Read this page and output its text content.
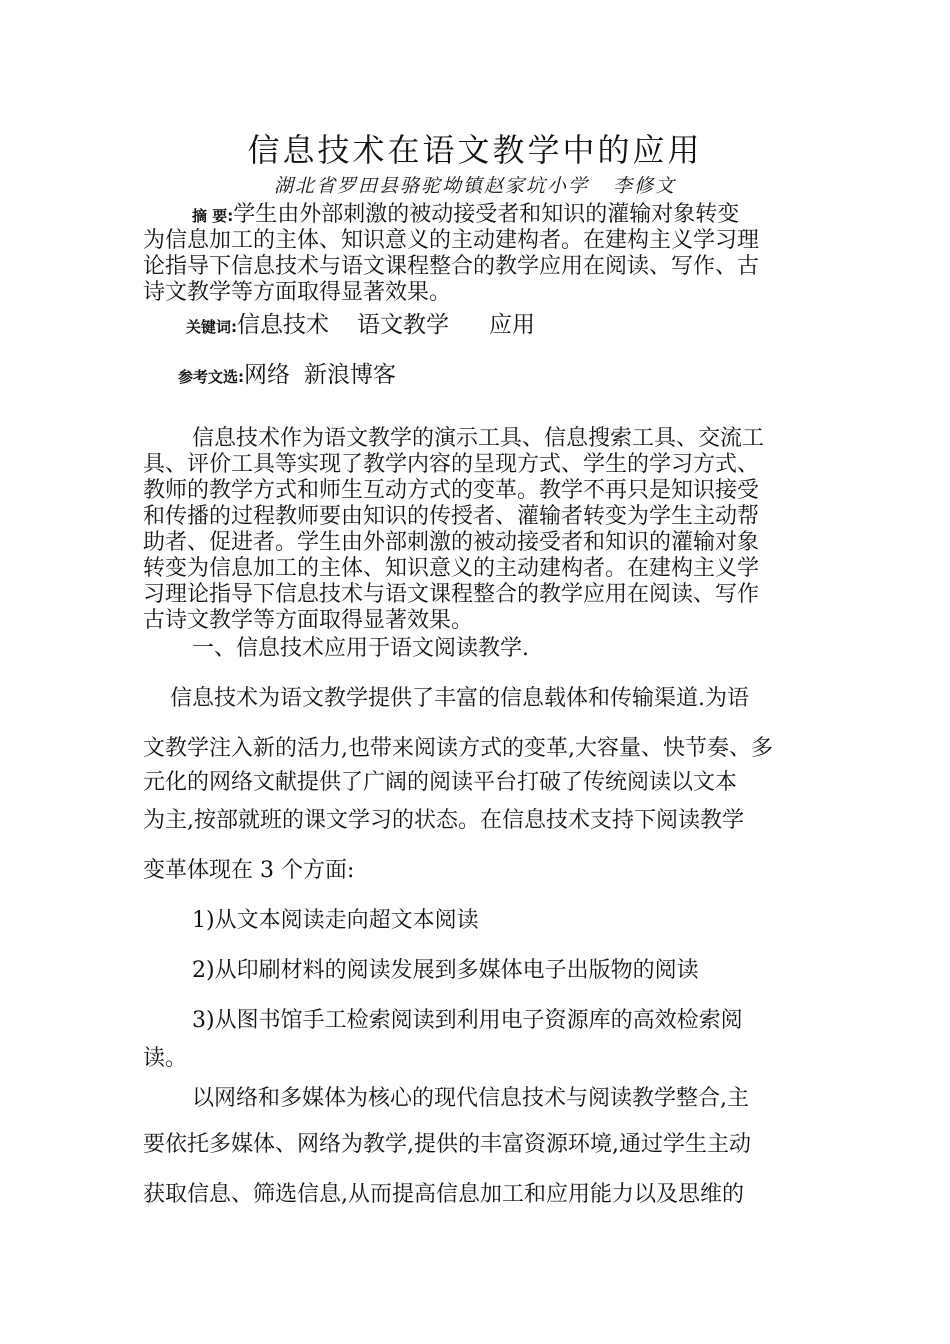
信息技术在语文教学中的应用
湖北省罗田县骆驼坳镇赵家坑小学 李修文
摘 要:学生由外部刺激的被动接受者和知识的灌输对象转变
为信息加工的主体、知识意义的主动建构者。在建构主义学习理
论指导下信息技术与语文课程整合的教学应用在阅读、写作、古
诗文教学等方面取得显著效果。
关键词:信息技术 语文教学 应用
参考文选:网络 新浪博客
信息技术作为语文教学的演示工具、信息搜索工具、交流工
具、评价工具等实现了教学内容的呈现方式、学生的学习方式、
教师的教学方式和师生互动方式的变革。教学不再只是知识接受
和传播的过程教师要由知识的传授者、灌输者转变为学生主动帮
助者、促进者。学生由外部刺激的被动接受者和知识的灌输对象
转变为信息加工的主体、知识意义的主动建构者。在建构主义学
习理论指导下信息技术与语文课程整合的教学应用在阅读、写作
古诗文教学等方面取得显著效果。
一、信息技术应用于语文阅读教学.
信息技术为语文教学提供了丰富的信息载体和传输渠道.为语
文教学注入新的活力,也带来阅读方式的变革,大容量、快节奏、多
元化的网络文献提供了广阔的阅读平台打破了传统阅读以文本
为主,按部就班的课文学习的状态。在信息技术支持下阅读教学
变革体现在 3 个方面:
1)从文本阅读走向超文本阅读
2)从印刷材料的阅读发展到多媒体电子出版物的阅读
3)从图书馆手工检索阅读到利用电子资源库的高效检索阅
读。
以网络和多媒体为核心的现代信息技术与阅读教学整合,主
要依托多媒体、网络为教学,提供的丰富资源环境,通过学生主动
获取信息、筛选信息,从而提高信息加工和应用能力以及思维的
